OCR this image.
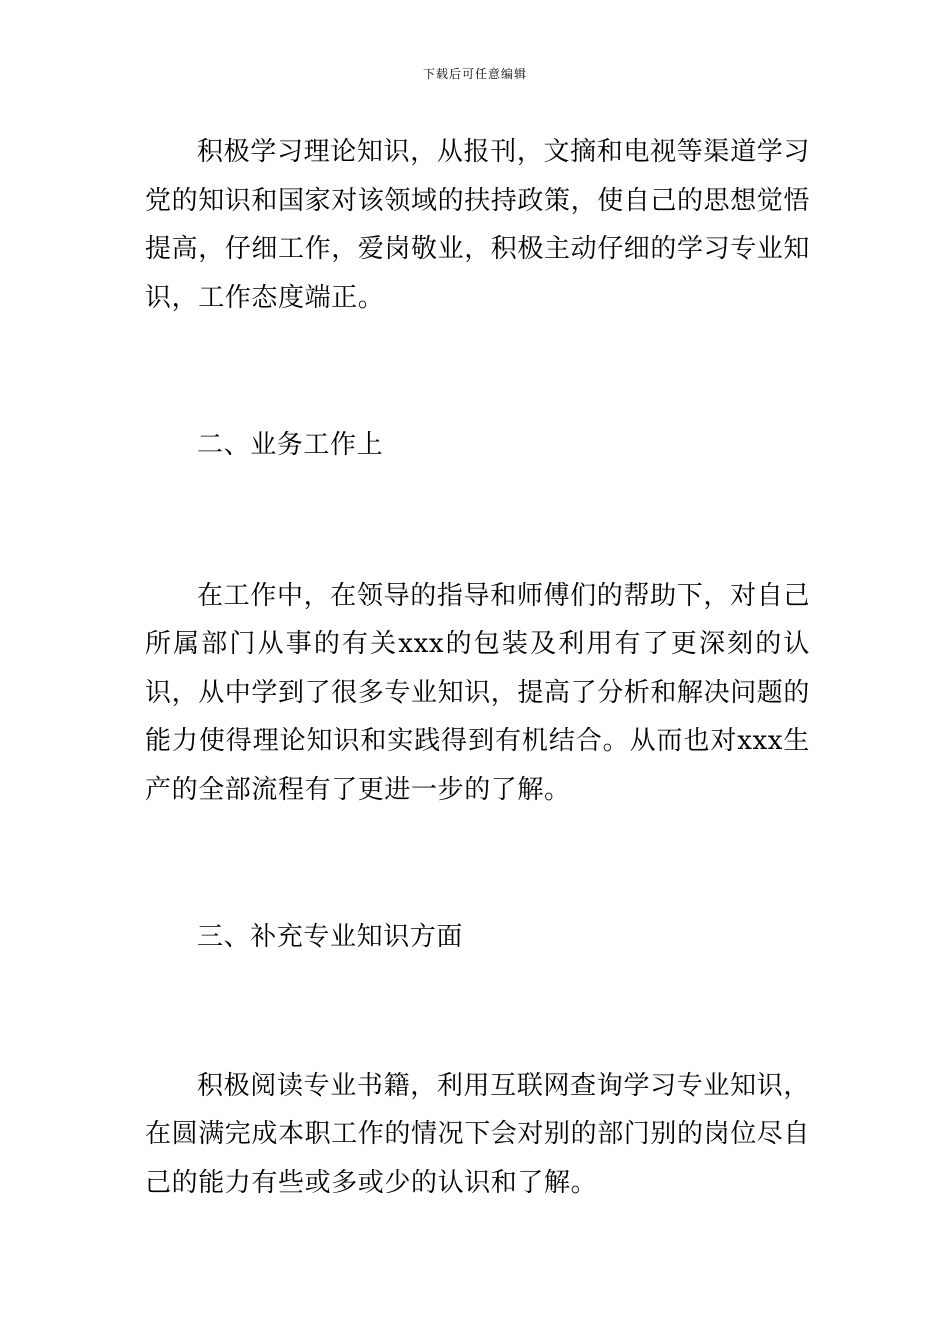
下载后可任意编辑

积极学习理论知识，从报刊，文摘和电视等渠道学习党的知识和国家对该领域的扶持政策，使自己的思想觉悟提高，仔细工作，爱岗敬业，积极主动仔细的学习专业知识，工作态度端正。

二、业务工作上

在工作中，在领导的指导和师傅们的帮助下，对自己所属部门从事的有关xxx的包装及利用有了更深刻的认识，从中学到了很多专业知识，提高了分析和解决问题的能力使得理论知识和实践得到有机结合。从而也对xxx生产的全部流程有了更进一步的了解。

三、补充专业知识方面

积极阅读专业书籍，利用互联网查询学习专业知识，在圆满完成本职工作的情况下会对别的部门别的岗位尽自己的能力有些或多或少的认识和了解。
